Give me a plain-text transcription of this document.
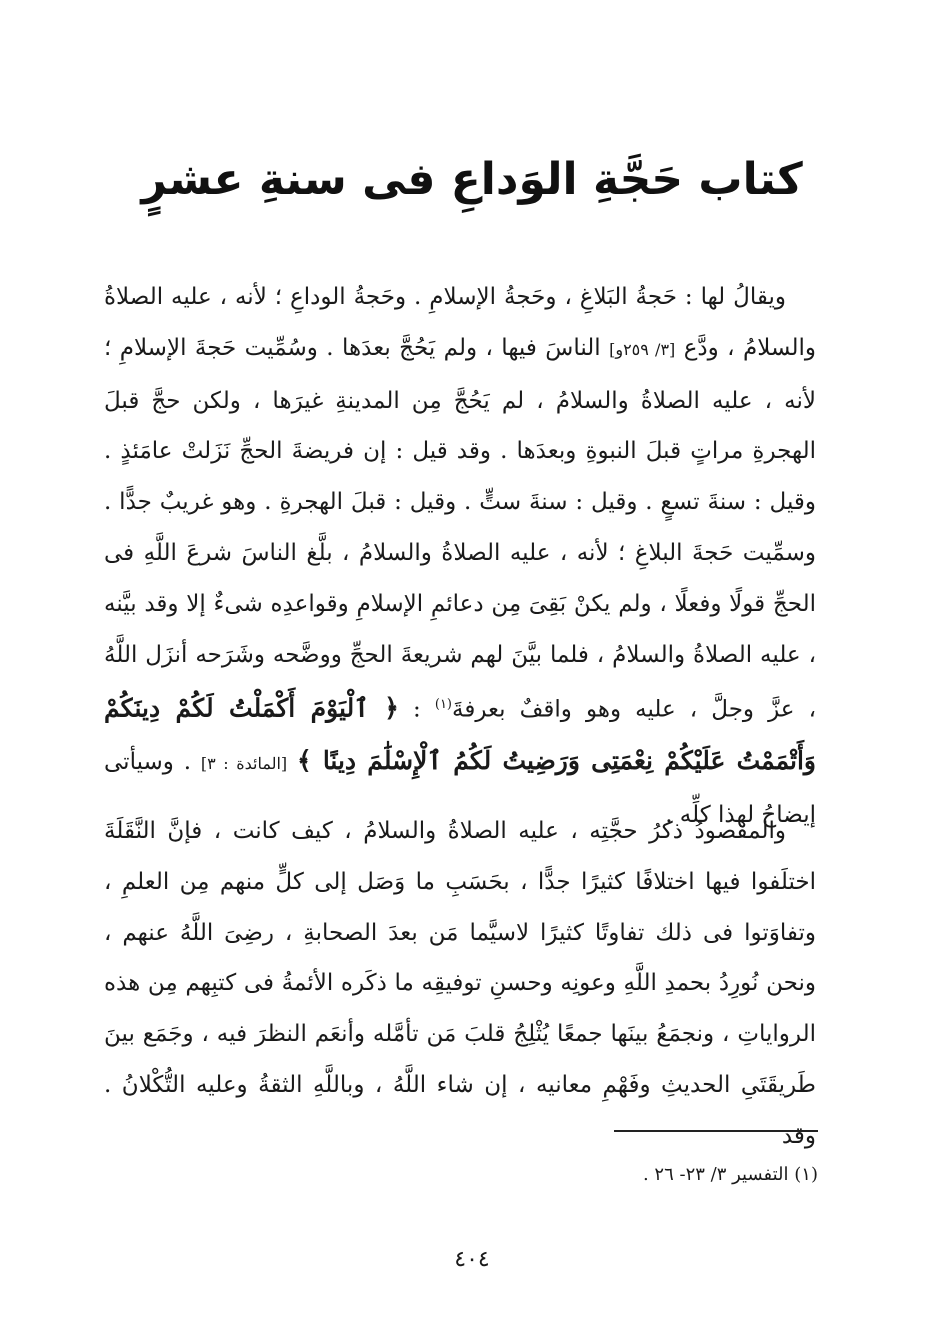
كتاب حَجَّةِ الوَداعِ فى سنةِ عشرٍ
ويقالُ لها : حَجةُ البَلاغِ ، وحَجةُ الإسلامِ . وحَجةُ الوداعِ ؛ لأنه ، عليه الصلاةُ والسلامُ ، ودَّع [٣/ ٢٥٩و] الناسَ فيها ، ولم يَحُجَّ بعدَها . وسُمِّيت حَجةَ الإسلامِ ؛ لأنه ، عليه الصلاةُ والسلامُ ، لم يَحُجَّ مِن المدينةِ غيرَها ، ولكن حجَّ قبلَ الهجرةِ مراتٍ قبلَ النبوةِ وبعدَها . وقد قيل : إن فريضةَ الحجِّ نَزَلتْ عامَئذٍ . وقيل : سنةَ تسعٍ . وقيل : سنةَ ستٍّ . وقيل : قبلَ الهجرةِ . وهو غريبٌ جدًّا . وسمِّيت حَجةَ البلاغِ ؛ لأنه ، عليه الصلاةُ والسلامُ ، بلَّغ الناسَ شرعَ اللَّهِ فى الحجِّ قولًا وفعلًا ، ولم يكنْ بَقِىَ مِن دعائمِ الإسلامِ وقواعدِه شىءٌ إلا وقد بيَّنه ، عليه الصلاةُ والسلامُ ، فلما بيَّنَ لهم شريعةَ الحجِّ ووضَّحه وشَرَحه أنزَل اللَّهُ ، عزَّ وجلَّ ، عليه وهو واقفٌ بعرفةَ$^{(١)}$ : ﴿ ٱلْيَوْمَ أَكْمَلْتُ لَكُمْ دِينَكُمْ وَأَتْمَمْتُ عَلَيْكُمْ نِعْمَتِى وَرَضِيتُ لَكُمُ ٱلْإِسْلَٰمَ دِينًا ﴾ [المائدة : ٣] . وسيأتى إيضاحُ لهذا كلِّه .
والمقصودُ ذكرُ حجَّتِه ، عليه الصلاةُ والسلامُ ، كيف كانت ، فإنَّ النَّقَلَةَ اختلَفوا فيها اختلافًا كثيرًا جدًّا ، بحَسَبِ ما وَصَل إلى كلٍّ منهم مِن العلمِ ، وتفاوَتوا فى ذلك تفاوتًا كثيرًا لاسيَّما مَن بعدَ الصحابةِ ، رضِىَ اللَّهُ عنهم ، ونحن نُورِدُ بحمدِ اللَّهِ وعونِه وحسنِ توفيقِه ما ذكَره الأئمةُ فى كتبِهم مِن هذه الرواياتِ ، ونجمَعُ بينَها جمعًا يُثْلِجُ قلبَ مَن تأمَّله وأنعَم النظرَ فيه ، وجَمَع بينَ طَريقَتَىِ الحديثِ وفَهْمِ معانيه ، إن شاء اللَّهُ ، وباللَّهِ الثقةُ وعليه التُّكْلانُ . وقد
(١) التفسير ٣/ ٢٣- ٢٦ .
٤٠٤
